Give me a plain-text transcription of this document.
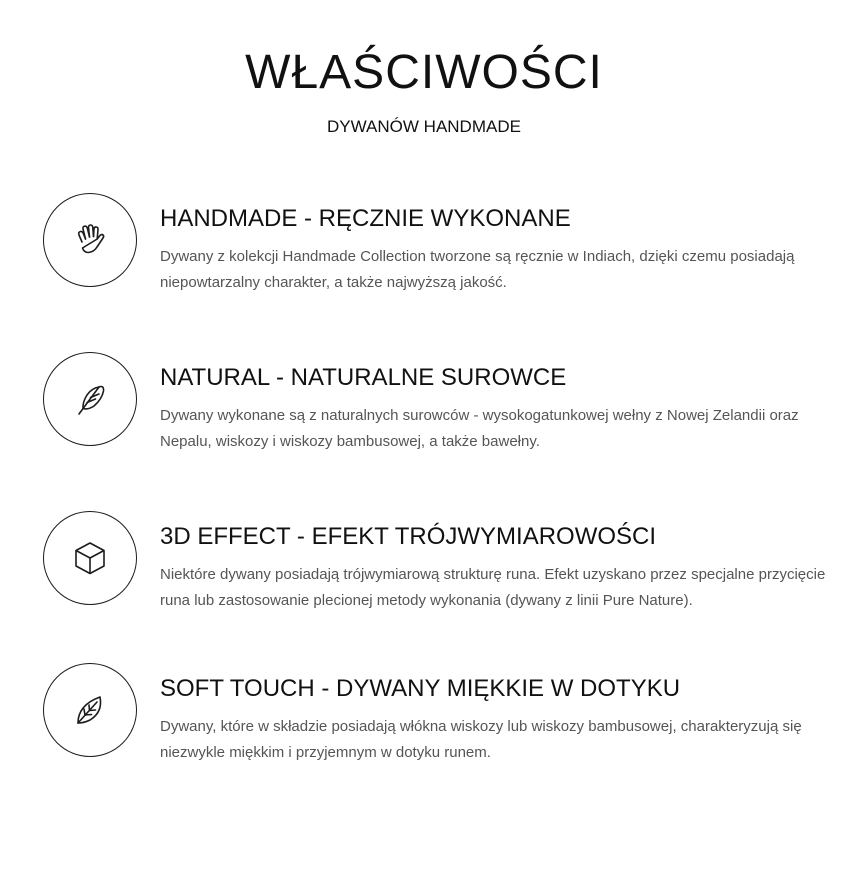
WŁAŚCIWOŚCI
DYWANÓW HANDMADE
HANDMADE - RĘCZNIE WYKONANE
Dywany z kolekcji Handmade Collection tworzone są ręcznie w Indiach, dzięki czemu posiadają niepowtarzalny charakter, a także najwyższą jakość.
NATURAL - NATURALNE SUROWCE
Dywany wykonane są z naturalnych surowców - wysokogatunkowej wełny z Nowej Zelandii oraz Nepalu, wiskozy i wiskozy bambusowej, a także bawełny.
3D EFFECT - EFEKT TRÓJWYMIAROWOŚCI
Niektóre dywany posiadają trójwymiarową strukturę runa. Efekt uzyskano przez specjalne przycięcie runa lub zastosowanie plecionej metody wykonania (dywany z linii Pure Nature).
SOFT TOUCH - DYWANY MIĘKKIE W DOTYKU
Dywany, które w składzie posiadają włókna wiskozy lub wiskozy bambusowej, charakteryzują się niezwykle miękkim i przyjemnym w dotyku runem.
